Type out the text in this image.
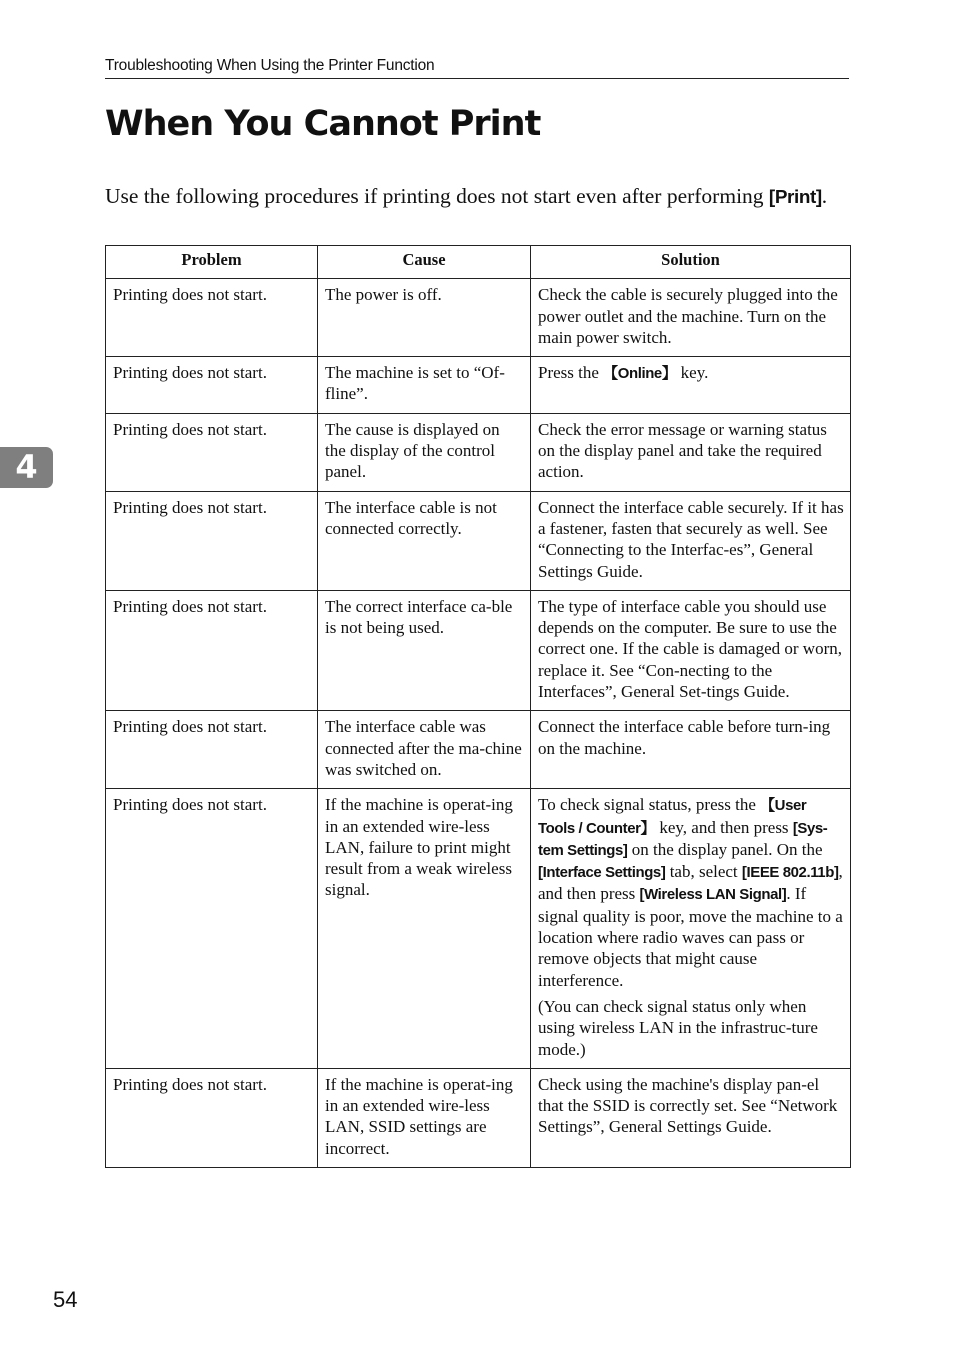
Troubleshooting When Using the Printer Function
When You Cannot Print

Use the following procedures if printing does not start even after performing [Print].

Problem	Cause	Solution
Printing does not start.	The power is off.	Check the cable is securely plugged into the power outlet and the machine. Turn on the main power switch.
Printing does not start.	The machine is set to “Of-fline”.	Press the 【Online】 key.
Printing does not start.	The cause is displayed on the display of the control panel.	Check the error message or warning status on the display panel and take the required action.
Printing does not start.	The interface cable is not connected correctly.	Connect the interface cable securely. If it has a fastener, fasten that securely as well. See “Connecting to the Interfac-es”, General Settings Guide.
Printing does not start.	The correct interface ca-ble is not being used.	The type of interface cable you should use depends on the computer. Be sure to use the correct one. If the cable is damaged or worn, replace it. See “Con-necting to the Interfaces”, General Set-tings Guide.
Printing does not start.	The interface cable was connected after the ma-chine was switched on.	Connect the interface cable before turn-ing on the machine.
Printing does not start.	If the machine is operat-ing in an extended wire-less LAN, failure to print might result from a weak wireless signal.	To check signal status, press the 【User Tools / Counter】 key, and then press [Sys-tem Settings] on the display panel. On the [Interface Settings] tab, select [IEEE 802.11b], and then press [Wireless LAN Signal]. If signal quality is poor, move the machine to a location where radio waves can pass or remove objects that might cause interference.
(You can check signal status only when using wireless LAN in the infrastruc-ture mode.)

Printing does not start.	If the machine is operat-ing in an extended wire-less LAN, SSID settings are incorrect.	Check using the machine's display pan-el that the SSID is correctly set. See “Network Settings”, General Settings Guide.
4
54
